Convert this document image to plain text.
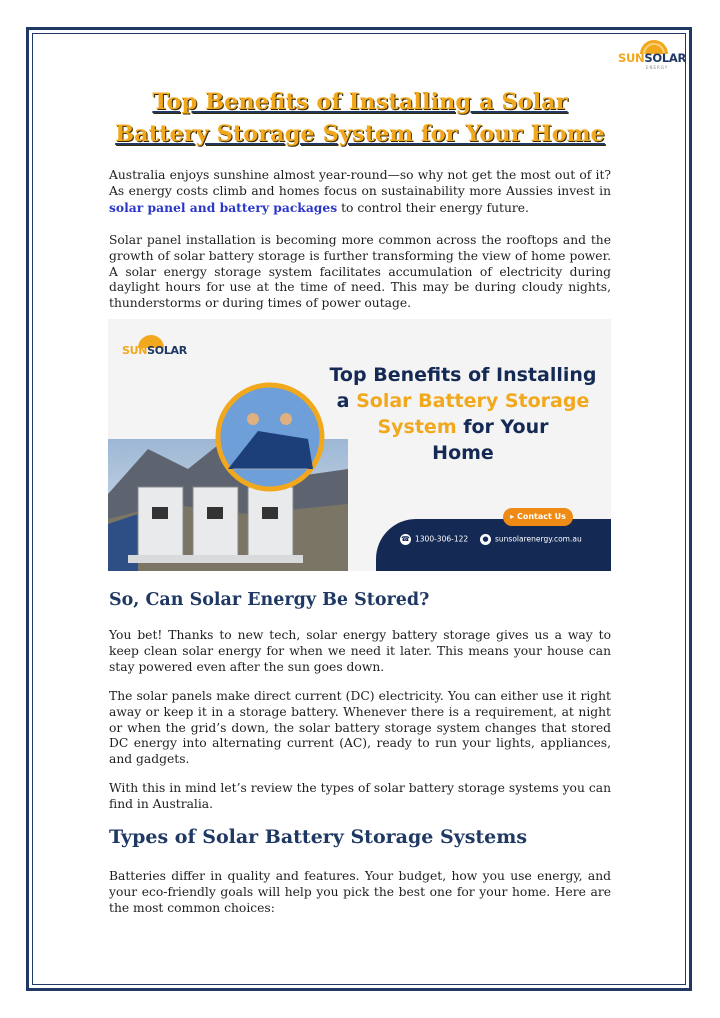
SUNSOLAR
ENERGY
Top Benefits of Installing a Solar
Battery Storage System for Your Home

Australia enjoys sunshine almost year-round—so why not get the most out of it? As energy costs climb and homes focus on sustainability more Aussies invest in solar panel and battery packages to control their energy future.

Solar panel installation is becoming more common across the rooftops and the growth of solar battery storage is further transforming the view of home power. A solar energy storage system facilitates accumulation of electricity during daylight hours for use at the time of need. This may be during cloudy nights, thunderstorms or during times of power outage.

SUNSOLAR
Top Benefits of Installing
a Solar Battery Storage
System for Your
Home
▸ Contact Us
☎ 1300-306-122	● sunsolarenergy.com.au
So, Can Solar Energy Be Stored?

You bet! Thanks to new tech, solar energy battery storage gives us a way to keep clean solar energy for when we need it later. This means your house can stay powered even after the sun goes down.

The solar panels make direct current (DC) electricity. You can either use it right away or keep it in a storage battery. Whenever there is a requirement, at night or when the grid’s down, the solar battery storage system changes that stored DC energy into alternating current (AC), ready to run your lights, appliances, and gadgets.

With this in mind let’s review the types of solar battery storage systems you can find in Australia.

Types of Solar Battery Storage Systems

Batteries differ in quality and features. Your budget, how you use energy, and your eco-friendly goals will help you pick the best one for your home. Here are the most common choices:
